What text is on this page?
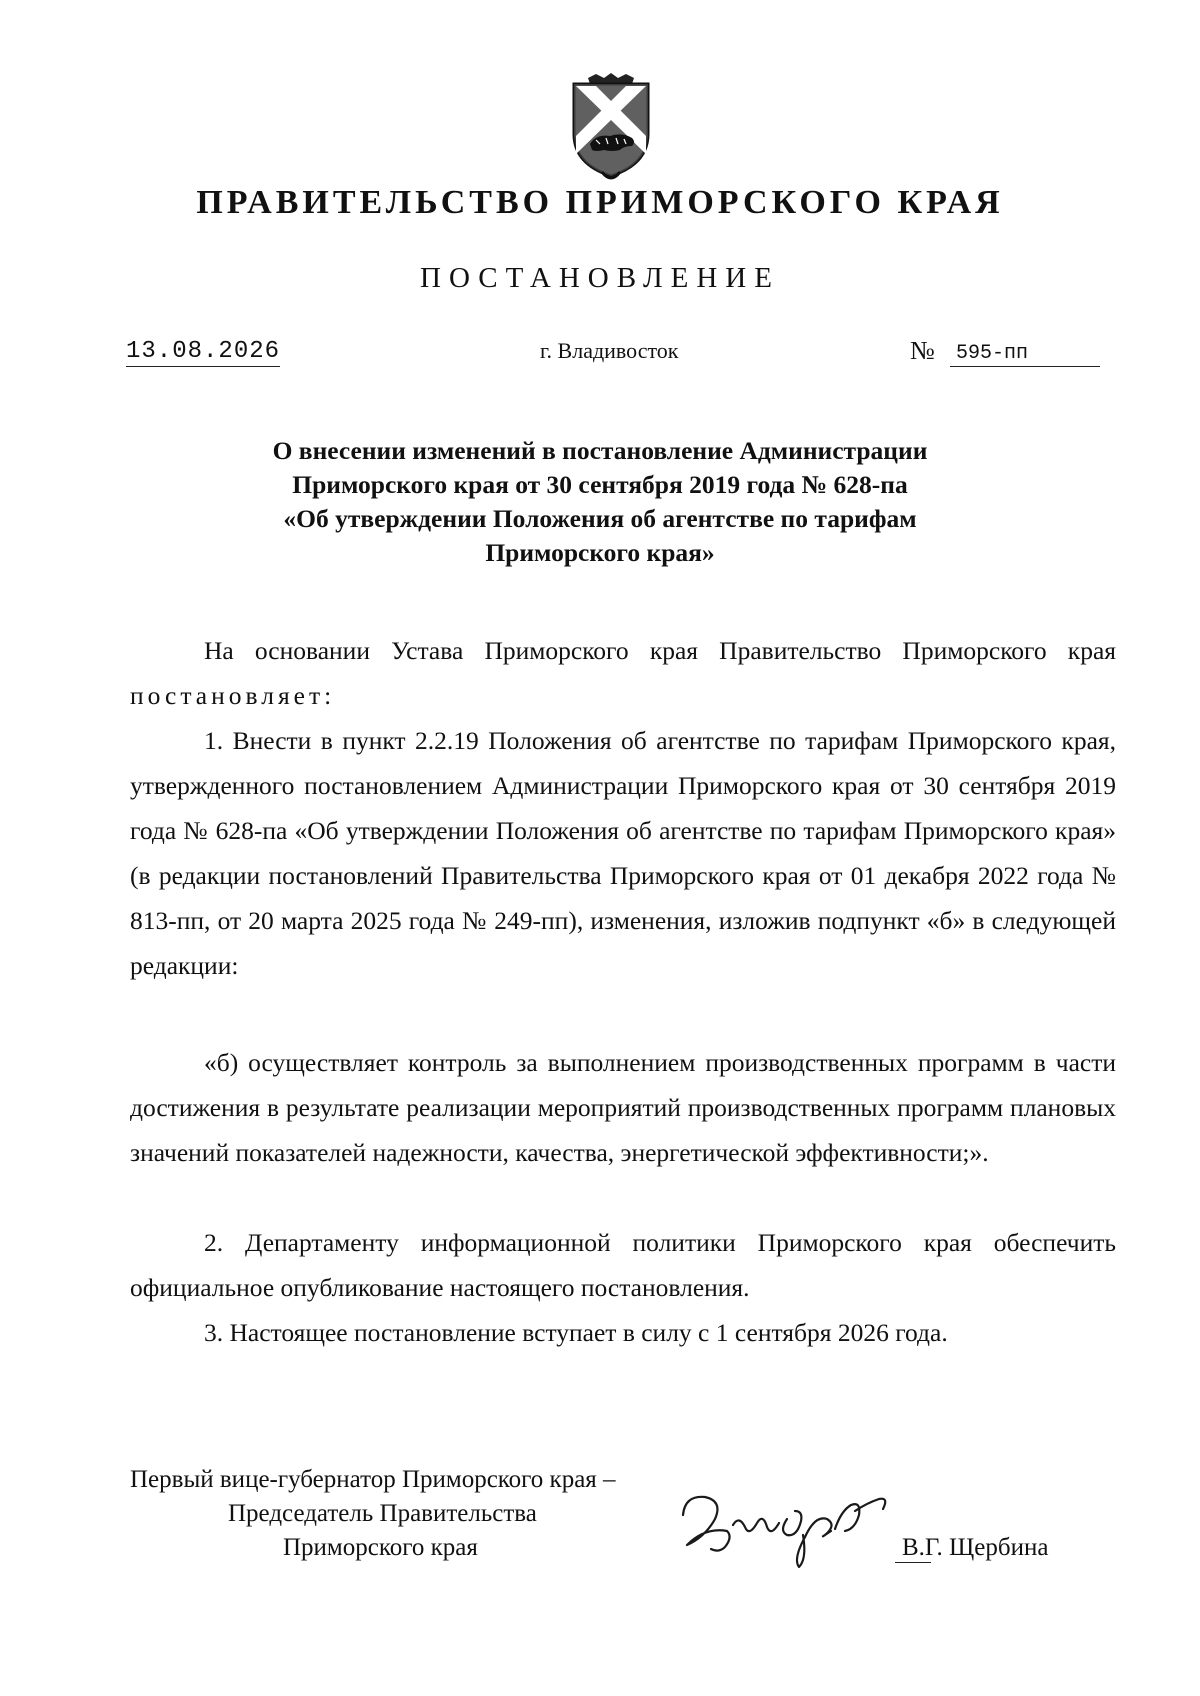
ПРАВИТЕЛЬСТВО ПРИМОРСКОГО КРАЯ
ПОСТАНОВЛЕНИЕ
13.08.2026	г. Владивосток	№	595-пп
О внесении изменений в постановление Администрации
Приморского края от 30 сентября 2019 года № 628-па
«Об утверждении Положения об агентстве по тарифам
Приморского края»

На основании Устава Приморского края Правительство Приморского края постановляет:

1. Внести в пункт 2.2.19 Положения об агентстве по тарифам Приморского края, утвержденного постановлением Администрации Приморского края от 30 сентября 2019 года № 628-па «Об утверждении Положения об агентстве по тарифам Приморского края» (в редакции постановлений Правительства Приморского края от 01 декабря 2022 года № 813-пп, от 20 марта 2025 года № 249-пп), изменения, изложив подпункт «б» в следующей редакции:

«б) осуществляет контроль за выполнением производственных программ в части достижения в результате реализации мероприятий производственных программ плановых значений показателей надежности, качества, энергетической эффективности;».

2. Департаменту информационной политики Приморского края обеспечить официальное опубликование настоящего постановления.

3. Настоящее постановление вступает в силу с 1 сентября 2026 года.

Первый вице-губернатор Приморского края –
Председатель Правительства
Приморского края	В.Г. Щербина
